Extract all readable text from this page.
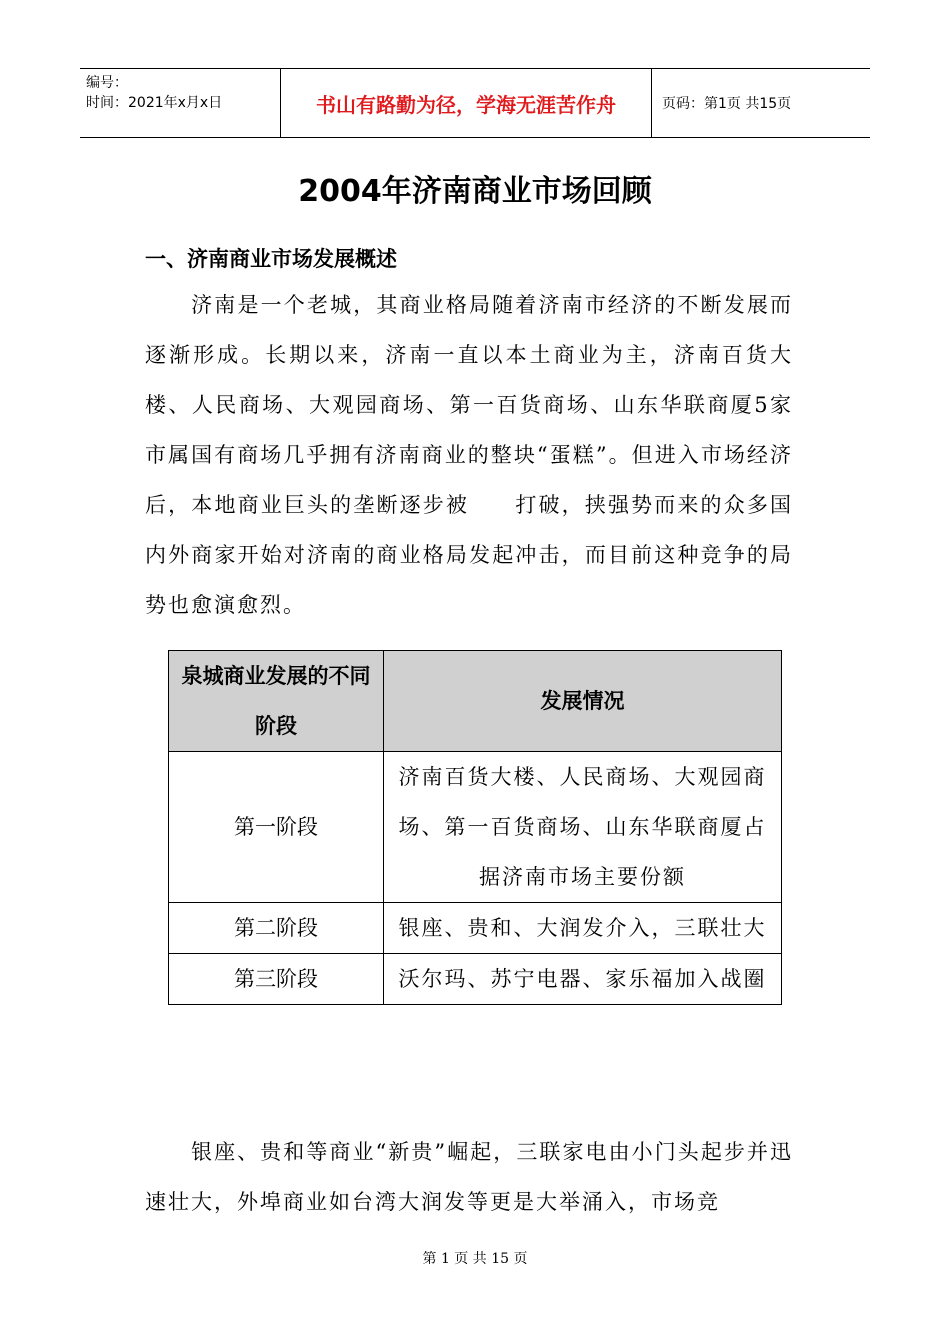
编号：
时间：2021年x月x日	书山有路勤为径，学海无涯苦作舟	页码：第1页 共15页
2004年济南商业市场回顾
一、济南商业市场发展概述

济南是一个老城，其商业格局随着济南市经济的不断发展而逐渐形成。长期以来，济南一直以本土商业为主，济南百货大楼、人民商场、大观园商场、第一百货商场、山东华联商厦5家市属国有商场几乎拥有济南商业的整块“蛋糕”。但进入市场经济后，本地商业巨头的垄断逐步被　　打破，挟强势而来的众多国内外商家开始对济南的商业格局发起冲击，而目前这种竞争的局势也愈演愈烈。

泉城商业发展的不同阶段	发展情况
第一阶段	济南百货大楼、人民商场、大观园商场、第一百货商场、山东华联商厦占据济南市场主要份额
第二阶段	银座、贵和、大润发介入，三联壮大
第三阶段	沃尔玛、苏宁电器、家乐福加入战圈

银座、贵和等商业“新贵”崛起，三联家电由小门头起步并迅速壮大，外埠商业如台湾大润发等更是大举涌入，市场竞

第 1 页 共 15 页
